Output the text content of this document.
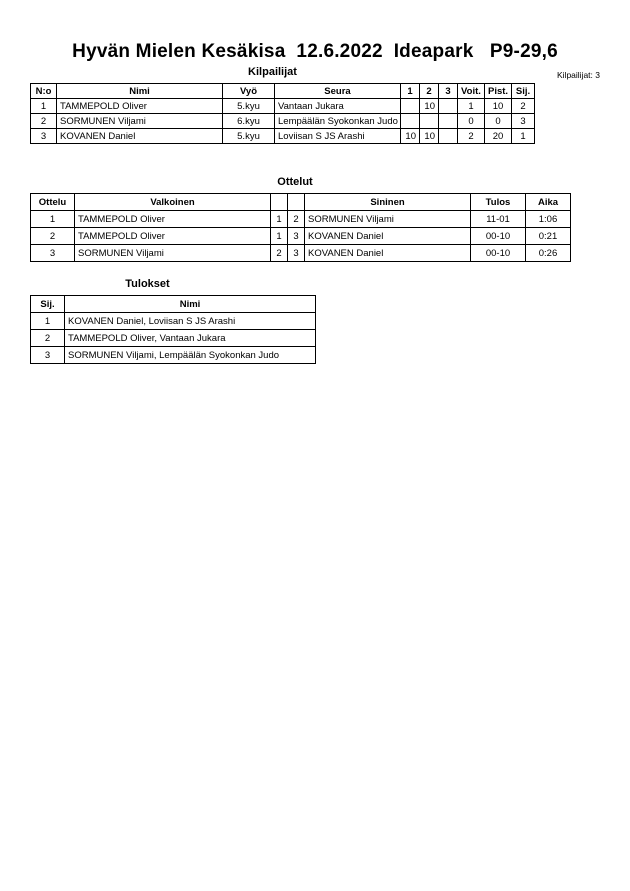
Hyvän Mielen Kesäkisa  12.6.2022  Ideapark   P9-29,6
Kilpailijat: 3
Kilpailijat
N:o	Nimi	Vyö	Seura	1	2	3	Voit.	Pist.	Sij.
1	TAMMEPOLD Oliver	5.kyu	Vantaan Jukara		10		1	10	2
2	SORMUNEN Viljami	6.kyu	Lempäälän Syokonkan Judo				0	0	3
3	KOVANEN Daniel	5.kyu	Loviisan S JS Arashi	10	10		2	20	1
Ottelut
Ottelu	Valkoinen			Sininen	Tulos	Aika
1	TAMMEPOLD Oliver	1	2	SORMUNEN Viljami	11-01	1:06
2	TAMMEPOLD Oliver	1	3	KOVANEN Daniel	00-10	0:21
3	SORMUNEN Viljami	2	3	KOVANEN Daniel	00-10	0:26
Tulokset
Sij.	Nimi
1	KOVANEN Daniel, Loviisan S JS Arashi
2	TAMMEPOLD Oliver, Vantaan Jukara
3	SORMUNEN Viljami, Lempäälän Syokonkan Judo
